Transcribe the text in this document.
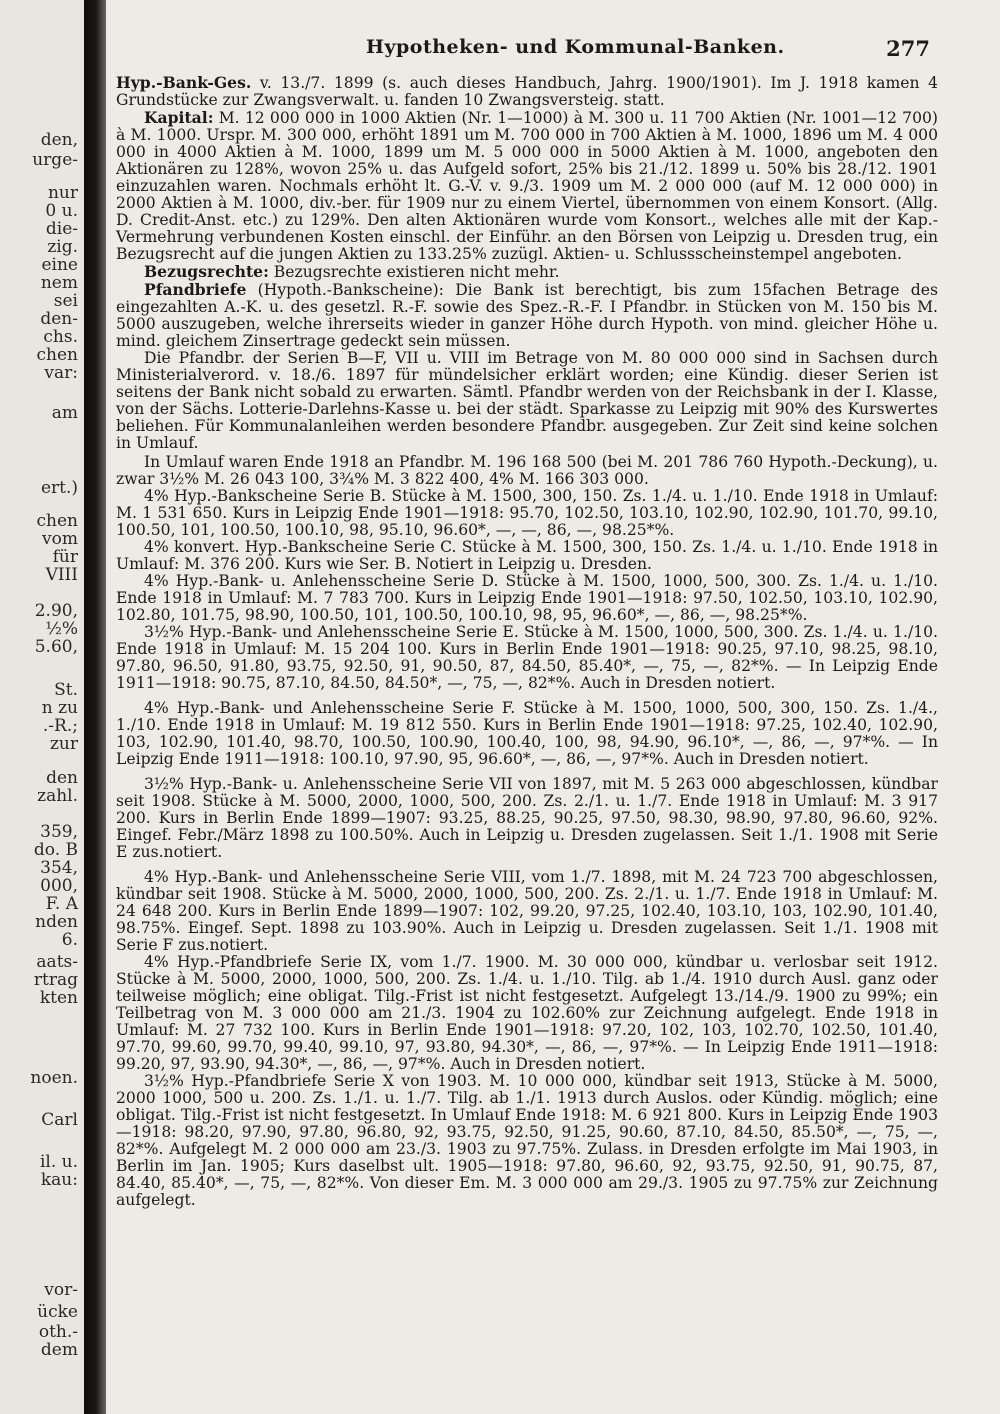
den,
urge-
nur
0 u.
die-
zig.
eine
nem
sei
den-
chs.
chen
var:
am
ert.)
chen
vom
für
VIII
2.90,
½%
5.60,
St.
n zu
.-R.;
zur
den
zahl.
359,
do. B
354,
000,
F. A
nden
6.
aats-
rtrag
kten
noen.
Carl
il. u.
kau:
vor-
ücke
oth.-
dem
Hypotheken- und Kommunal-Banken.	277

Hyp.-Bank-Ges. v. 13./7. 1899 (s. auch dieses Handbuch, Jahrg. 1900/1901). Im J. 1918 kamen 4 Grundstücke zur Zwangsverwalt. u. fanden 10 Zwangsversteig. statt.

Kapital: M. 12 000 000 in 1000 Aktien (Nr. 1—1000) à M. 300 u. 11 700 Aktien (Nr. 1001—12 700) à M. 1000. Urspr. M. 300 000, erhöht 1891 um M. 700 000 in 700 Aktien à M. 1000, 1896 um M. 4 000 000 in 4000 Aktien à M. 1000, 1899 um M. 5 000 000 in 5000 Aktien à M. 1000, angeboten den Aktionären zu 128%, wovon 25% u. das Aufgeld sofort, 25% bis 21./12. 1899 u. 50% bis 28./12. 1901 einzuzahlen waren. Nochmals erhöht lt. G.-V. v. 9./3. 1909 um M. 2 000 000 (auf M. 12 000 000) in 2000 Aktien à M. 1000, div.-ber. für 1909 nur zu einem Viertel, übernommen von einem Konsort. (Allg. D. Credit-Anst. etc.) zu 129%. Den alten Aktionären wurde vom Konsort., welches alle mit der Kap.-Vermehrung verbundenen Kosten einschl. der Einführ. an den Börsen von Leipzig u. Dresden trug, ein Bezugsrecht auf die jungen Aktien zu 133.25% zuzügl. Aktien- u. Schlussscheinstempel angeboten.

Bezugsrechte: Bezugsrechte existieren nicht mehr.

Pfandbriefe (Hypoth.-Bankscheine): Die Bank ist berechtigt, bis zum 15fachen Betrage des eingezahlten A.-K. u. des gesetzl. R.-F. sowie des Spez.-R.-F. I Pfandbr. in Stücken von M. 150 bis M. 5000 auszugeben, welche ihrerseits wieder in ganzer Höhe durch Hypoth. von mind. gleicher Höhe u. mind. gleichem Zinsertrage gedeckt sein müssen.

Die Pfandbr. der Serien B—F, VII u. VIII im Betrage von M. 80 000 000 sind in Sachsen durch Ministerialverord. v. 18./6. 1897 für mündelsicher erklärt worden; eine Kündig. dieser Serien ist seitens der Bank nicht sobald zu erwarten. Sämtl. Pfandbr werden von der Reichsbank in der I. Klasse, von der Sächs. Lotterie-Darlehns-Kasse u. bei der städt. Sparkasse zu Leipzig mit 90% des Kurswertes beliehen. Für Kommunalanleihen werden besondere Pfandbr. ausgegeben. Zur Zeit sind keine solchen in Umlauf.

In Umlauf waren Ende 1918 an Pfandbr. M. 196 168 500 (bei M. 201 786 760 Hypoth.-Deckung), u. zwar 3½% M. 26 043 100, 3¾% M. 3 822 400, 4% M. 166 303 000.

4% Hyp.-Bankscheine Serie B. Stücke à M. 1500, 300, 150. Zs. 1./4. u. 1./10. Ende 1918 in Umlauf: M. 1 531 650. Kurs in Leipzig Ende 1901—1918: 95.70, 102.50, 103.10, 102.90, 102.90, 101.70, 99.10, 100.50, 101, 100.50, 100.10, 98, 95.10, 96.60*, —, —, 86, —, 98.25*%.

4% konvert. Hyp.-Bankscheine Serie C. Stücke à M. 1500, 300, 150. Zs. 1./4. u. 1./10. Ende 1918 in Umlauf: M. 376 200. Kurs wie Ser. B. Notiert in Leipzig u. Dresden.

4% Hyp.-Bank- u. Anlehensscheine Serie D. Stücke à M. 1500, 1000, 500, 300. Zs. 1./4. u. 1./10. Ende 1918 in Umlauf: M. 7 783 700. Kurs in Leipzig Ende 1901—1918: 97.50, 102.50, 103.10, 102.90, 102.80, 101.75, 98.90, 100.50, 101, 100.50, 100.10, 98, 95, 96.60*, —, 86, —, 98.25*%.

3½% Hyp.-Bank- und Anlehensscheine Serie E. Stücke à M. 1500, 1000, 500, 300. Zs. 1./4. u. 1./10. Ende 1918 in Umlauf: M. 15 204 100. Kurs in Berlin Ende 1901—1918: 90.25, 97.10, 98.25, 98.10, 97.80, 96.50, 91.80, 93.75, 92.50, 91, 90.50, 87, 84.50, 85.40*, —, 75, —, 82*%. — In Leipzig Ende 1911—1918: 90.75, 87.10, 84.50, 84.50*, —, 75, —, 82*%. Auch in Dresden notiert.

4% Hyp.-Bank- und Anlehensscheine Serie F. Stücke à M. 1500, 1000, 500, 300, 150. Zs. 1./4., 1./10. Ende 1918 in Umlauf: M. 19 812 550. Kurs in Berlin Ende 1901—1918: 97.25, 102.40, 102.90, 103, 102.90, 101.40, 98.70, 100.50, 100.90, 100.40, 100, 98, 94.90, 96.10*, —, 86, —, 97*%. — In Leipzig Ende 1911—1918: 100.10, 97.90, 95, 96.60*, —, 86, —, 97*%. Auch in Dresden notiert.

3½% Hyp.-Bank- u. Anlehensscheine Serie VII von 1897, mit M. 5 263 000 abgeschlossen, kündbar seit 1908. Stücke à M. 5000, 2000, 1000, 500, 200. Zs. 2./1. u. 1./7. Ende 1918 in Umlauf: M. 3 917 200. Kurs in Berlin Ende 1899—1907: 93.25, 88.25, 90.25, 97.50, 98.30, 98.90, 97.80, 96.60, 92%. Eingef. Febr./März 1898 zu 100.50%. Auch in Leipzig u. Dresden zugelassen. Seit 1./1. 1908 mit Serie E zus.notiert.

4% Hyp.-Bank- und Anlehensscheine Serie VIII, vom 1./7. 1898, mit M. 24 723 700 abgeschlossen, kündbar seit 1908. Stücke à M. 5000, 2000, 1000, 500, 200. Zs. 2./1. u. 1./7. Ende 1918 in Umlauf: M. 24 648 200. Kurs in Berlin Ende 1899—1907: 102, 99.20, 97.25, 102.40, 103.10, 103, 102.90, 101.40, 98.75%. Eingef. Sept. 1898 zu 103.90%. Auch in Leipzig u. Dresden zugelassen. Seit 1./1. 1908 mit Serie F zus.notiert.

4% Hyp.-Pfandbriefe Serie IX, vom 1./7. 1900. M. 30 000 000, kündbar u. verlosbar seit 1912. Stücke à M. 5000, 2000, 1000, 500, 200. Zs. 1./4. u. 1./10. Tilg. ab 1./4. 1910 durch Ausl. ganz oder teilweise möglich; eine obligat. Tilg.-Frist ist nicht festgesetzt. Aufgelegt 13./14./9. 1900 zu 99%; ein Teilbetrag von M. 3 000 000 am 21./3. 1904 zu 102.60% zur Zeichnung aufgelegt. Ende 1918 in Umlauf: M. 27 732 100. Kurs in Berlin Ende 1901—1918: 97.20, 102, 103, 102.70, 102.50, 101.40, 97.70, 99.60, 99.70, 99.40, 99.10, 97, 93.80, 94.30*, —, 86, —, 97*%. — In Leipzig Ende 1911—1918: 99.20, 97, 93.90, 94.30*, —, 86, —, 97*%. Auch in Dresden notiert.

3½% Hyp.-Pfandbriefe Serie X von 1903. M. 10 000 000, kündbar seit 1913, Stücke à M. 5000, 2000 1000, 500 u. 200. Zs. 1./1. u. 1./7. Tilg. ab 1./1. 1913 durch Auslos. oder Kündig. möglich; eine obligat. Tilg.-Frist ist nicht festgesetzt. In Umlauf Ende 1918: M. 6 921 800. Kurs in Leipzig Ende 1903—1918: 98.20, 97.90, 97.80, 96.80, 92, 93.75, 92.50, 91.25, 90.60, 87.10, 84.50, 85.50*, —, 75, —, 82*%. Aufgelegt M. 2 000 000 am 23./3. 1903 zu 97.75%. Zulass. in Dresden erfolgte im Mai 1903, in Berlin im Jan. 1905; Kurs daselbst ult. 1905—1918: 97.80, 96.60, 92, 93.75, 92.50, 91, 90.75, 87, 84.40, 85.40*, —, 75, —, 82*%. Von dieser Em. M. 3 000 000 am 29./3. 1905 zu 97.75% zur Zeichnung aufgelegt.
